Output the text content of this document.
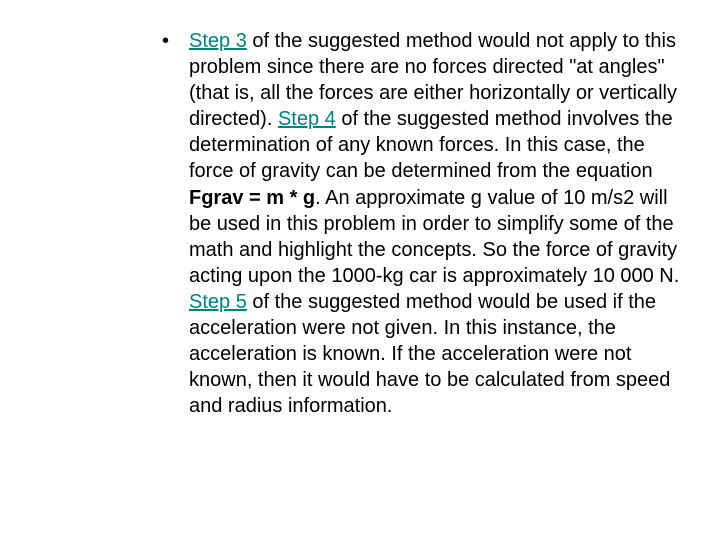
• Step 3 of the suggested method would not apply to this problem since there are no forces directed "at angles" (that is, all the forces are either horizontally or vertically directed). Step 4 of the suggested method involves the determination of any known forces. In this case, the force of gravity can be determined from the equation Fgrav = m * g. An approximate g value of 10 m/s2 will be used in this problem in order to simplify some of the math and highlight the concepts. So the force of gravity acting upon the 1000-kg car is approximately 10 000 N. Step 5 of the suggested method would be used if the acceleration were not given. In this instance, the acceleration is known. If the acceleration were not known, then it would have to be calculated from speed and radius information.
